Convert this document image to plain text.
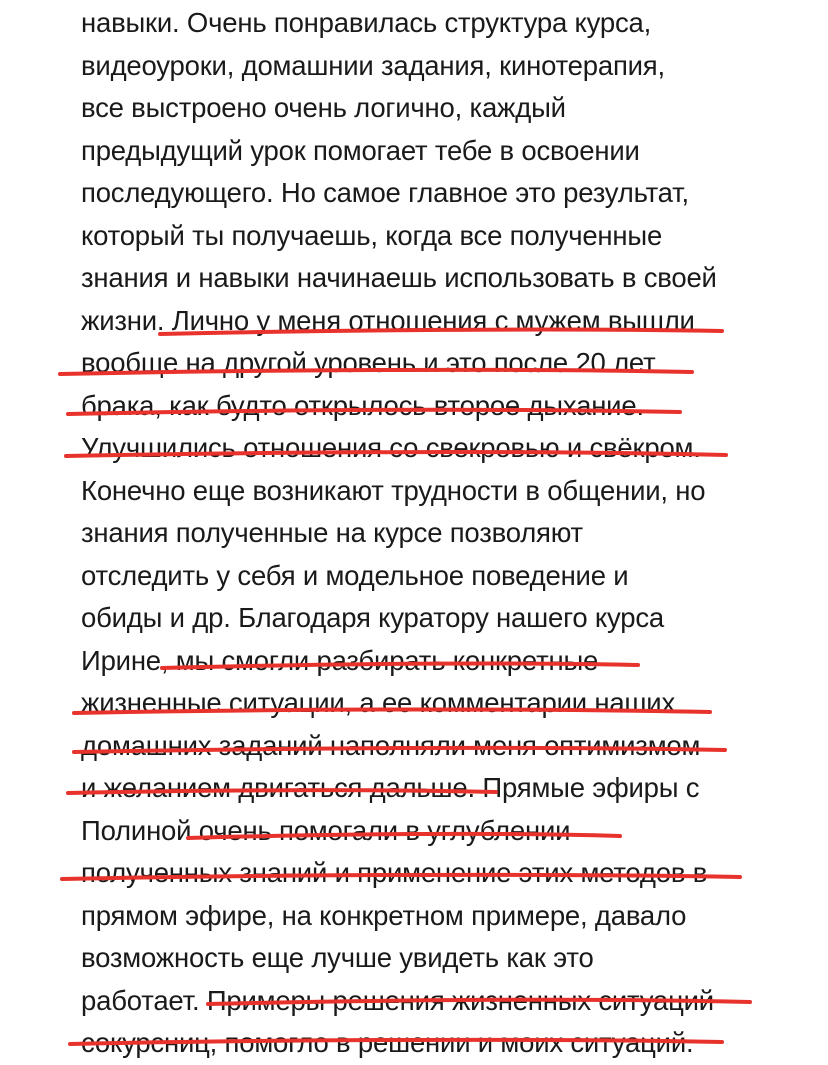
навыки. Очень понравилась структура курса,
видеоуроки, домашнии задания, кинотерапия,
все выстроено очень логично, каждый
предыдущий урок помогает тебе в освоении
последующего. Но самое главное это результат,
который ты получаешь, когда все полученные
знания и навыки начинаешь использовать в своей
жизни. Лично у меня отношения с мужем вышли
вообще на другой уровень и это после 20 лет
брака, как будто открылось второе дыхание.
Улучшились отношения со свекровью и свёкром.
Конечно еще возникают трудности в общении, но
знания полученные на курсе позволяют
отследить у себя и модельное поведение и
обиды и др. Благодаря куратору нашего курса
Ирине, мы смогли разбирать конкретные
жизненные ситуации, а ее комментарии наших
домашних заданий наполняли меня оптимизмом
и желанием двигаться дальше. Прямые эфиры с
Полиной очень помогали в углублении
полученных знаний и применение этих методов в
прямом эфире, на конкретном примере, давало
возможность еще лучше увидеть как это
работает. Примеры решения жизненных ситуаций
сокурсниц, помогло в решении и моих ситуаций.
